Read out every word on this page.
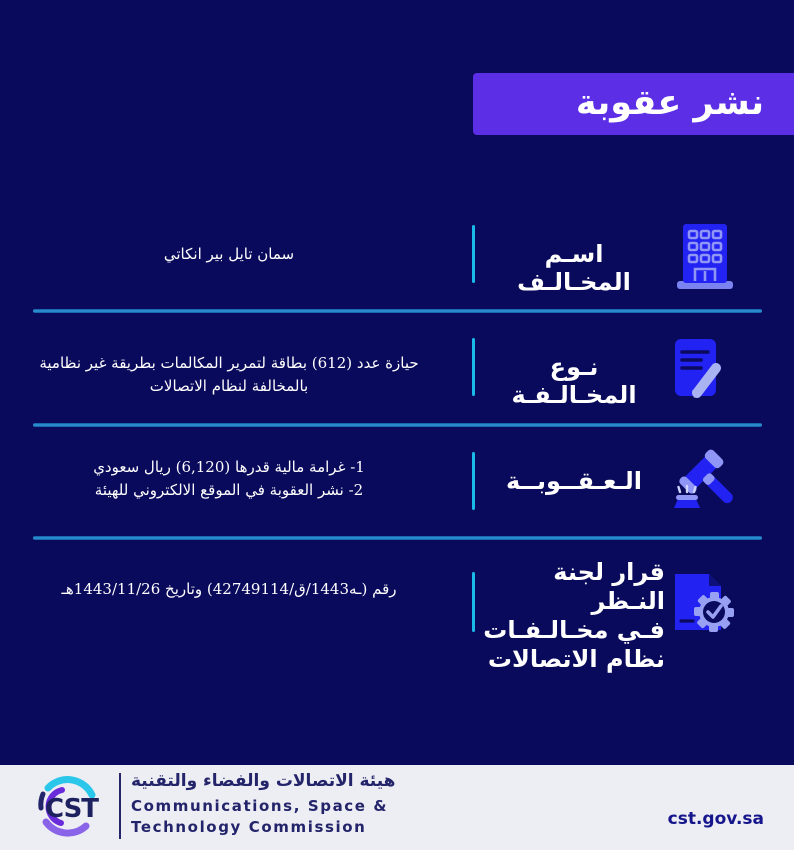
نشر عقوبة
اسـم المخـالـف
سمان تايل بير انكاتي
نـوع المخـالـفـة
حيازة عدد (612) بطاقة لتمرير المكالمات بطريقة غير نظامية بالمخالفة لنظام الاتصالات
الـعـقــوبــة
1- غرامة مالية قدرها (6,120) ريال سعودي
2- نشر العقوبة في الموقع الالكتروني للهيئة
قرار لجنة النـظر
فـي مخـالـفـات
نظام الاتصالات
رقم (‭42749114/ق/1443هـ‬) وتاريخ 1443/11/26هـ
CST
هيئة الاتصالات والفضاء والتقنية
Communications, Space &
Technology Commission	cst.gov.sa
